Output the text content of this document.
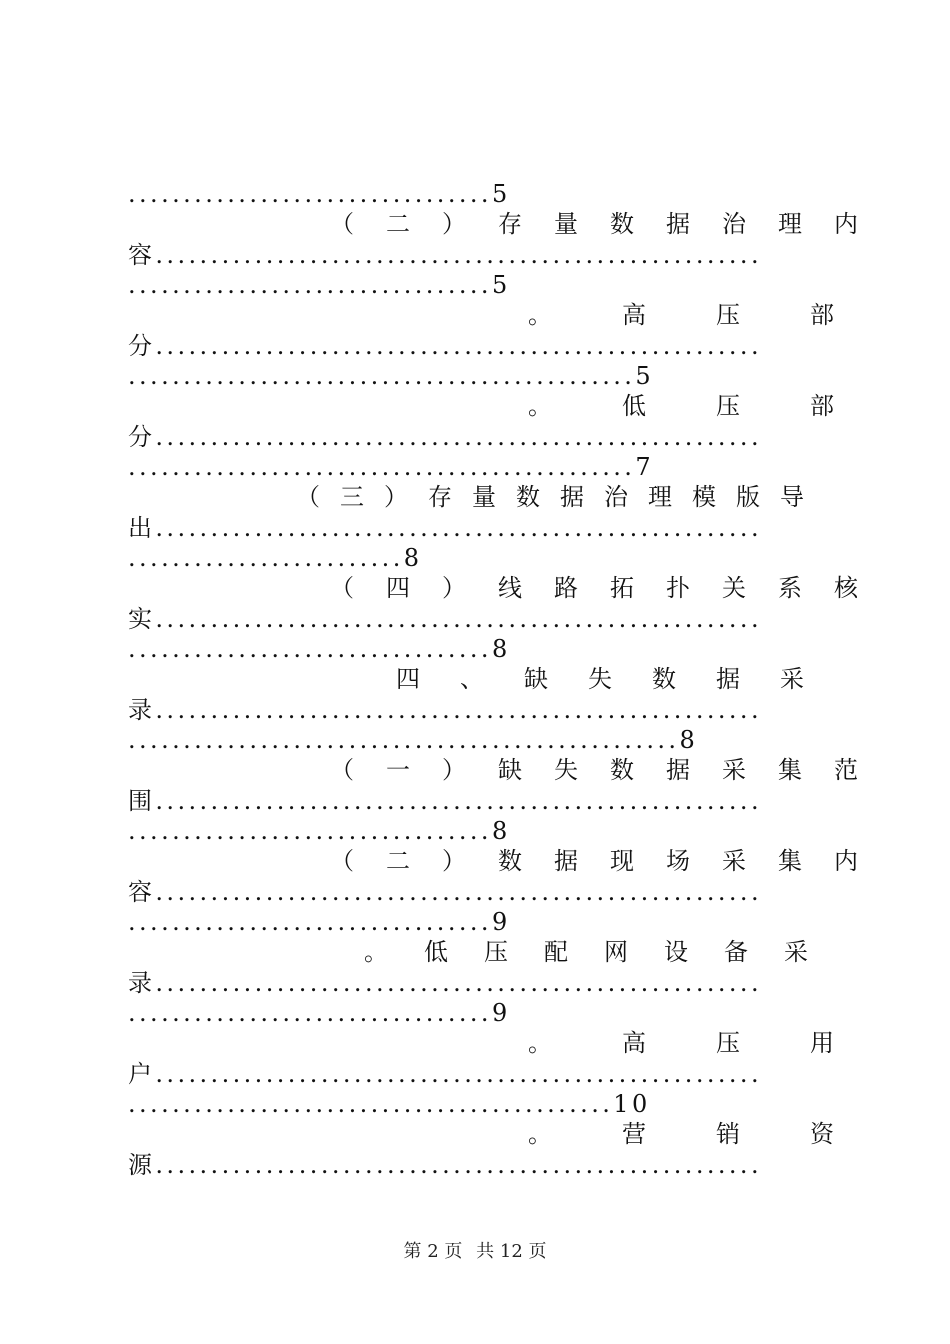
.................................5
（二）存量数据治理内
容.......................................................
.................................5
。高压部
分.......................................................
..............................................5
。低压部
分.......................................................
..............................................7
（三）存量数据治理模版导
出.......................................................
.........................8
（四）线路拓扑关系核
实.......................................................
.................................8
四、缺失数据采
录.......................................................
..................................................8
（一）缺失数据采集范
围.......................................................
.................................8
（二）数据现场采集内
容.......................................................
.................................9
。低压配网设备采
录.......................................................
.................................9
。高压用
户.......................................................
............................................10
。营销资
源.......................................................
第 2 页 共 12 页
